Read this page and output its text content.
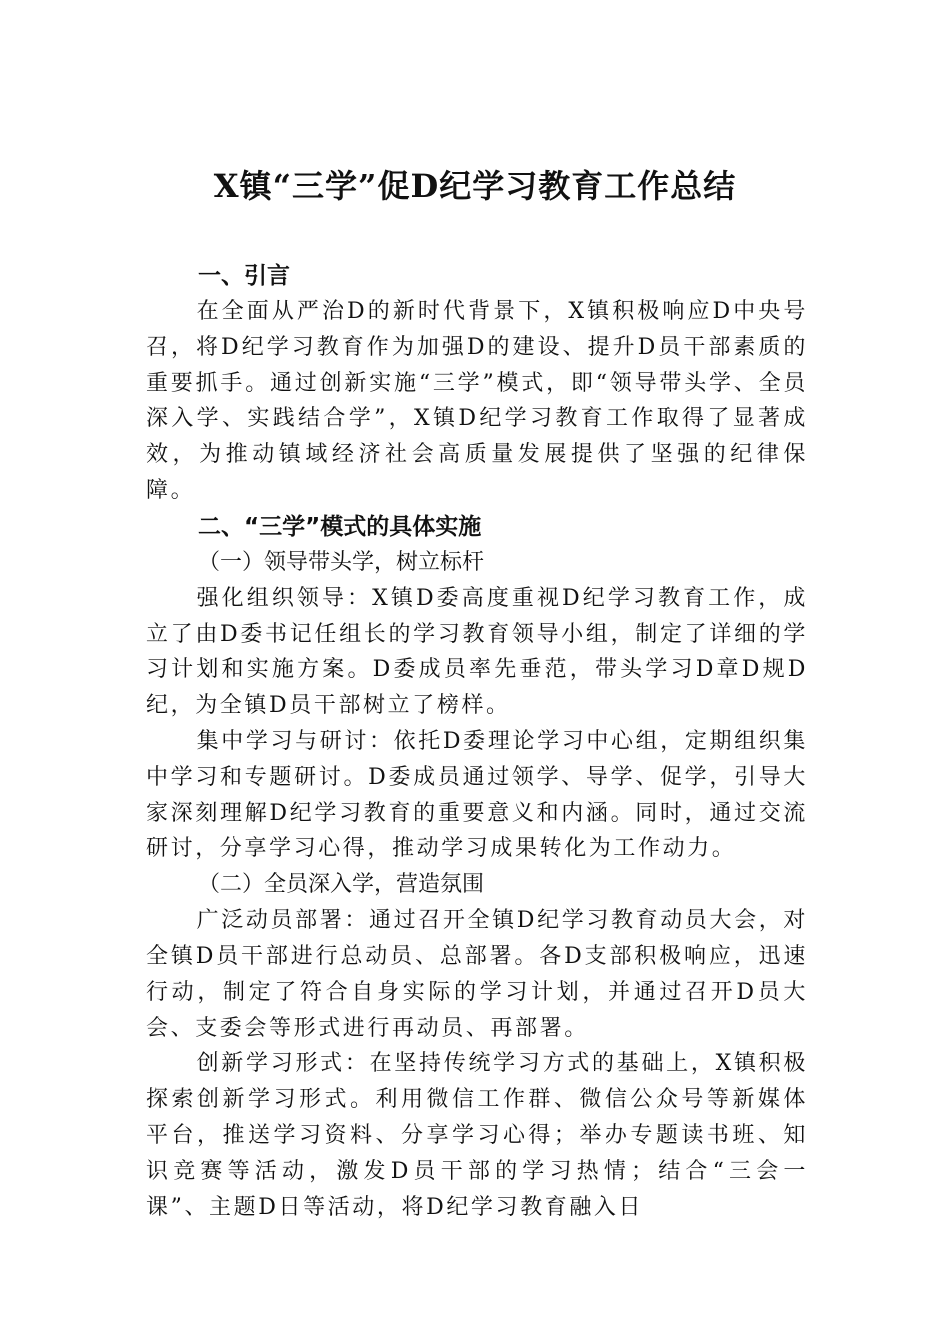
X镇“三学”促D纪学习教育工作总结

一、引言

在全面从严治D的新时代背景下，X镇积极响应D中央号召，将D纪学习教育作为加强D的建设、提升D员干部素质的重要抓手。通过创新实施“三学”模式，即“领导带头学、全员深入学、实践结合学”，X镇D纪学习教育工作取得了显著成效，为推动镇域经济社会高质量发展提供了坚强的纪律保障。

二、“三学”模式的具体实施

（一）领导带头学，树立标杆

强化组织领导：X镇D委高度重视D纪学习教育工作，成立了由D委书记任组长的学习教育领导小组，制定了详细的学习计划和实施方案。D委成员率先垂范，带头学习D章D规D纪，为全镇D员干部树立了榜样。

集中学习与研讨：依托D委理论学习中心组，定期组织集中学习和专题研讨。D委成员通过领学、导学、促学，引导大家深刻理解D纪学习教育的重要意义和内涵。同时，通过交流研讨，分享学习心得，推动学习成果转化为工作动力。

（二）全员深入学，营造氛围

广泛动员部署：通过召开全镇D纪学习教育动员大会，对全镇D员干部进行总动员、总部署。各D支部积极响应，迅速行动，制定了符合自身实际的学习计划，并通过召开D员大会、支委会等形式进行再动员、再部署。

创新学习形式：在坚持传统学习方式的基础上，X镇积极探索创新学习形式。利用微信工作群、微信公众号等新媒体平台，推送学习资料、分享学习心得；举办专题读书班、知识竞赛等活动，激发D员干部的学习热情；结合“三会一课”、主题D日等活动，将D纪学习教育融入日
